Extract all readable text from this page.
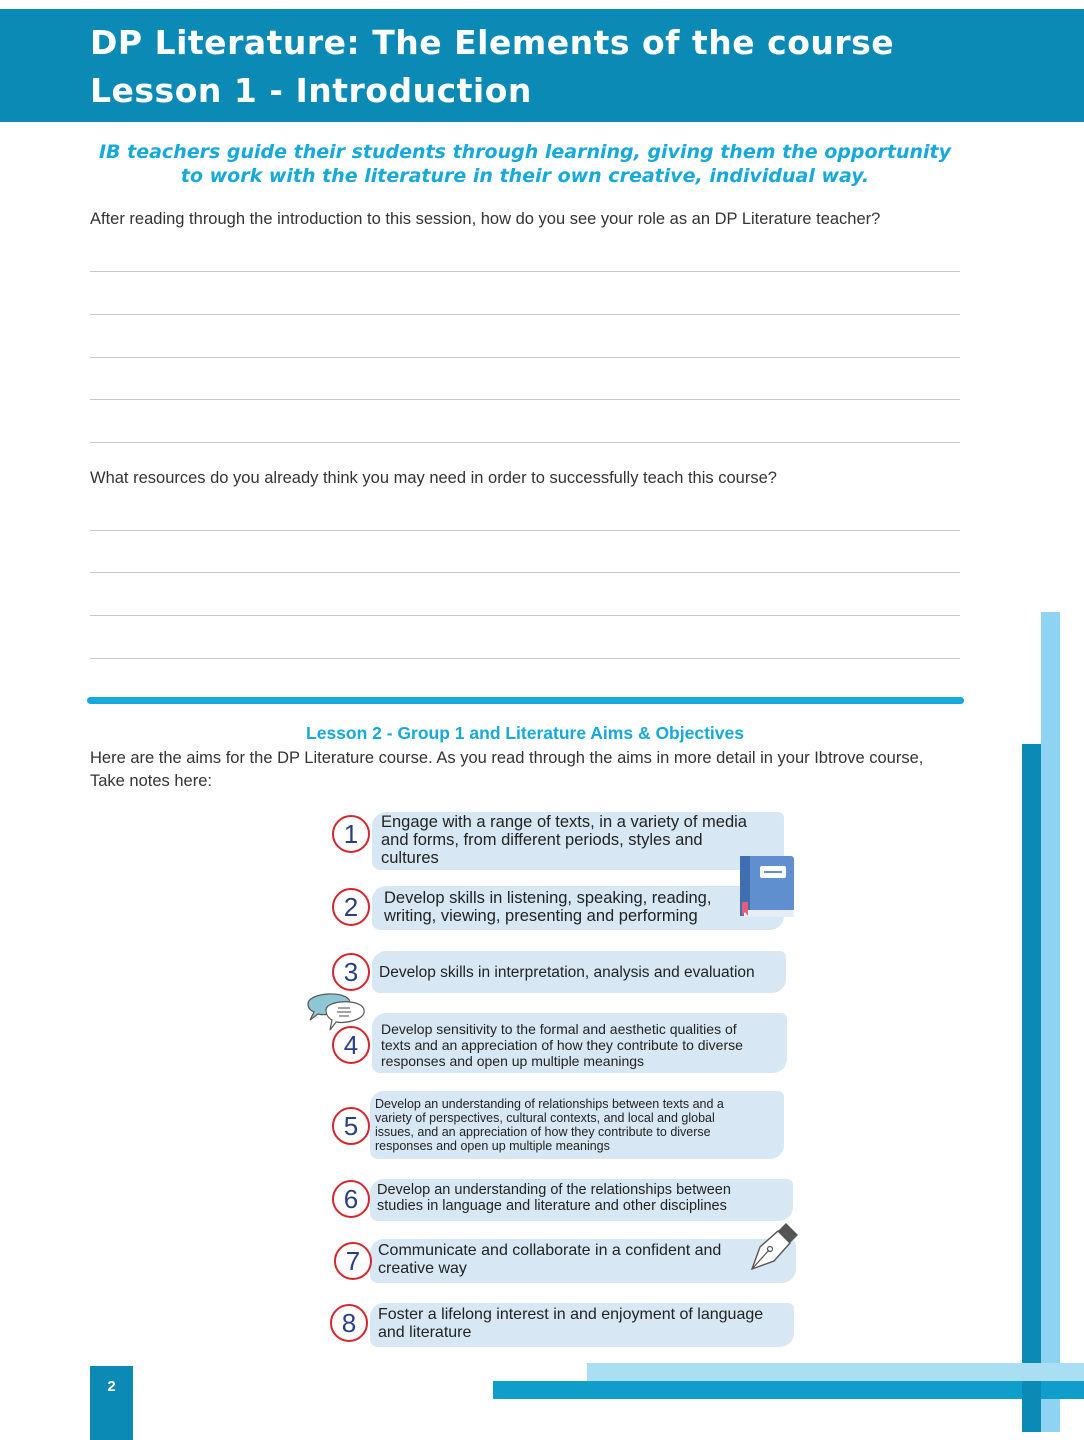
DP Literature: The Elements of the course
Lesson 1 - Introduction
IB teachers guide their students through learning, giving them the opportunity to work with the literature in their own creative, individual way.
After reading through the introduction to this session, how do you see your role as an DP Literature teacher?
What resources do you already think you may need in order to successfully teach this course?
Lesson 2 - Group 1 and Literature Aims & Objectives
Here are the aims for the DP Literature course. As you read through the aims in more detail in your Ibtrove course, Take notes here:
Engage with a range of texts, in a variety of media
and forms, from different periods, styles and
cultures
1
Develop skills in listening, speaking, reading,
writing, viewing, presenting and performing
2
Develop skills in interpretation, analysis and evaluation
3
Develop sensitivity to the formal and aesthetic qualities of
texts and an appreciation of how they contribute to diverse
responses and open up multiple meanings
4
Develop an understanding of relationships between texts and a
variety of perspectives, cultural contexts, and local and global
issues, and an appreciation of how they contribute to diverse
responses and open up multiple meanings
5
Develop an understanding of the relationships between
studies in language and literature and other disciplines
6
Communicate and collaborate in a confident and
creative way
7
Foster a lifelong interest in and enjoyment of language
and literature
8
2
